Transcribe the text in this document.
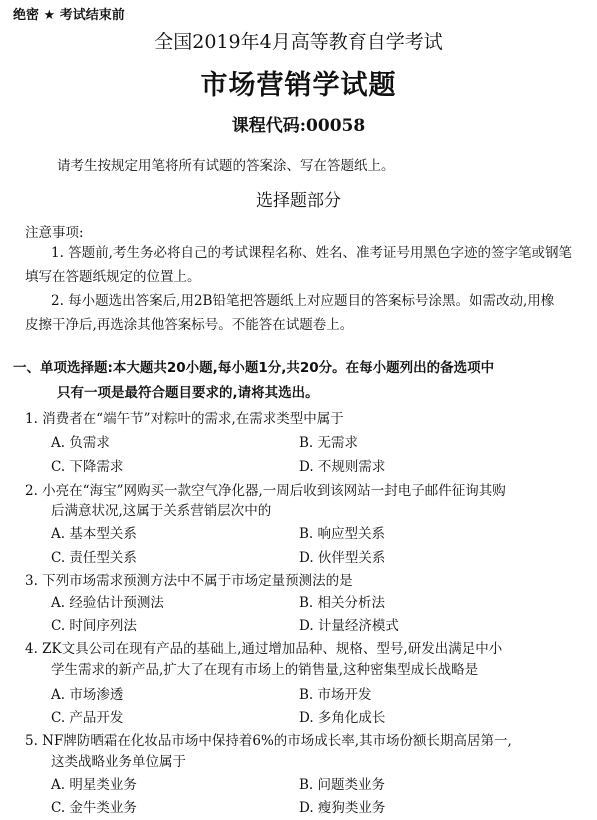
绝密 ★ 考试结束前
全国2019年4月高等教育自学考试
市场营销学试题
课程代码:00058
请考生按规定用笔将所有试题的答案涂、写在答题纸上。
选择题部分
注意事项:
1. 答题前,考生务必将自己的考试课程名称、姓名、准考证号用黑色字迹的签字笔或钢笔
填写在答题纸规定的位置上。
2. 每小题选出答案后,用2B铅笔把答题纸上对应题目的答案标号涂黑。如需改动,用橡
皮擦干净后,再选涂其他答案标号。不能答在试题卷上。
一、单项选择题:本大题共20小题,每小题1分,共20分。在每小题列出的备选项中
只有一项是最符合题目要求的,请将其选出。
1. 消费者在“端午节”对粽叶的需求,在需求类型中属于
A. 负需求	B. 无需求
C. 下降需求	D. 不规则需求
2. 小亮在“海宝”网购买一款空气净化器,一周后收到该网站一封电子邮件征询其购
后满意状况,这属于关系营销层次中的
A. 基本型关系	B. 响应型关系
C. 责任型关系	D. 伙伴型关系
3. 下列市场需求预测方法中不属于市场定量预测法的是
A. 经验估计预测法	B. 相关分析法
C. 时间序列法	D. 计量经济模式
4. ZK文具公司在现有产品的基础上,通过增加品种、规格、型号,研发出满足中小
学生需求的新产品,扩大了在现有市场上的销售量,这种密集型成长战略是
A. 市场渗透	B. 市场开发
C. 产品开发	D. 多角化成长
5. NF牌防晒霜在化妆品市场中保持着6%的市场成长率,其市场份额长期高居第一,
这类战略业务单位属于
A. 明星类业务	B. 问题类业务
C. 金牛类业务	D. 瘦狗类业务
